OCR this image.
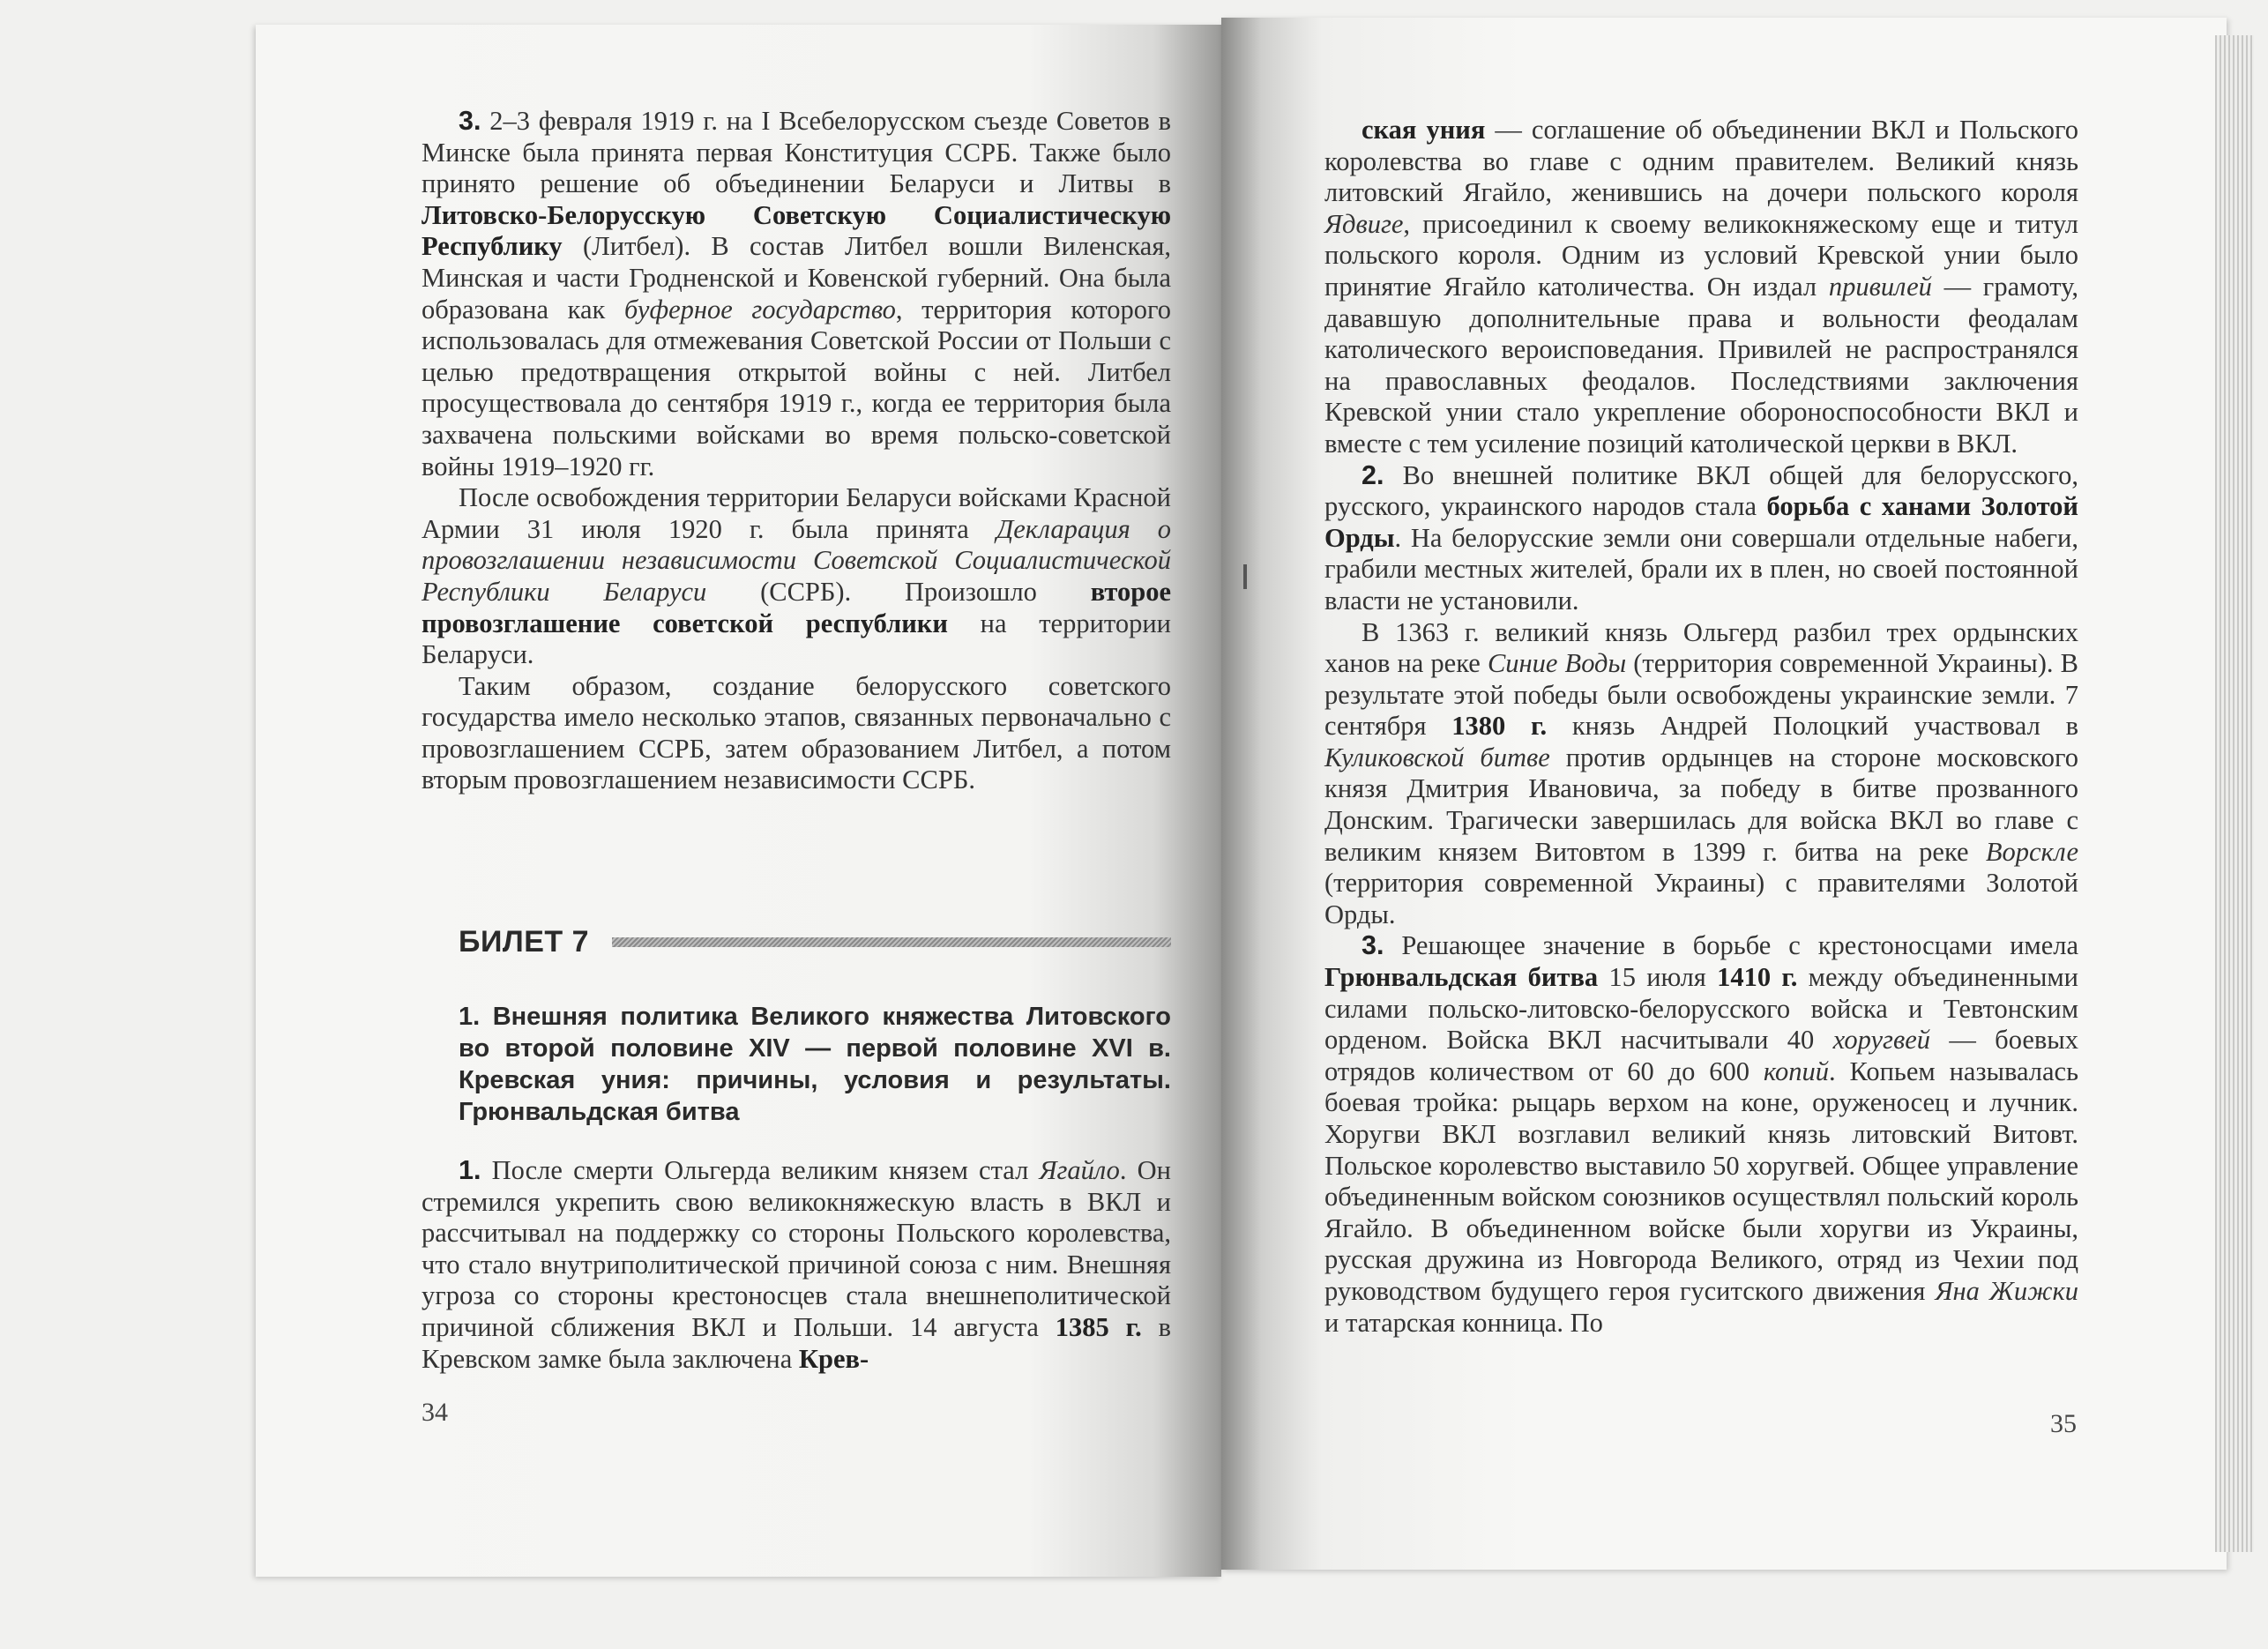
3. 2–3 февраля 1919 г. на I Всебелорусском съезде Советов в Минске была принята первая Конституция ССРБ. Также было принято решение об объединении Беларуси и Литвы в Литовско-Белорусскую Советскую Социалистическую Республику (Литбел). В состав Литбел вошли Виленская, Минская и части Гродненской и Ковенской губерний. Она была образована как буферное государство, территория которого использовалась для отмежевания Советской России от Польши с целью предотвращения открытой войны с ней. Литбел просуществовала до сентября 1919 г., когда ее территория была захвачена польскими войсками во время польско-советской войны 1919–1920 гг.

После освобождения территории Беларуси войсками Красной Армии 31 июля 1920 г. была принята Декларация о провозглашении независимости Советской Социалистической Республики Беларуси (ССРБ). Произошло второе провозглашение советской республики на территории Беларуси.

Таким образом, создание белорусского советского государства имело несколько этапов, связанных первоначально с провозглашением ССРБ, затем образованием Литбел, а потом вторым провозглашением независимости ССРБ.

БИЛЕТ 7
1. Внешняя политика Великого княжества Литовского во второй половине XIV — первой половине XVI в. Кревская уния: причины, условия и результаты. Грюнвальдская битва

1. После смерти Ольгерда великим князем стал Ягайло. Он стремился укрепить свою великокняжескую власть в ВКЛ и рассчитывал на поддержку со стороны Польского королевства, что стало внутриполитической причиной союза с ним. Внешняя угроза со стороны крестоносцев стала внешнеполитической причиной сближения ВКЛ и Польши. 14 августа 1385 г. в Кревском замке была заключена Крев-

34

ская уния — соглашение об объединении ВКЛ и Польского королевства во главе с одним правителем. Великий князь литовский Ягайло, женившись на дочери польского короля Ядвиге, присоединил к своему великокняжескому еще и титул польского короля. Одним из условий Кревской унии было принятие Ягайло католичества. Он издал привилей — грамоту, дававшую дополнительные права и вольности феодалам католического вероисповедания. Привилей не распространялся на православных феодалов. Последствиями заключения Кревской унии стало укрепление обороноспособности ВКЛ и вместе с тем усиление позиций католической церкви в ВКЛ.

2. Во внешней политике ВКЛ общей для белорусского, русского, украинского народов стала борьба с ханами Золотой Орды. На белорусские земли они совершали отдельные набеги, грабили местных жителей, брали их в плен, но своей постоянной власти не установили.

В 1363 г. великий князь Ольгерд разбил трех ордынских ханов на реке Синие Воды (территория современной Украины). В результате этой победы были освобождены украинские земли. 7 сентября 1380 г. князь Андрей Полоцкий участвовал в Куликовской битве против ордынцев на стороне московского князя Дмитрия Ивановича, за победу в битве прозванного Донским. Трагически завершилась для войска ВКЛ во главе с великим князем Витовтом в 1399 г. битва на реке Ворскле (территория современной Украины) с правителями Золотой Орды.

3. Решающее значение в борьбе с крестоносцами имела Грюнвальдская битва 15 июля 1410 г. между объединенными силами польско-литовско-белорусского войска и Тевтонским орденом. Войска ВКЛ насчитывали 40 хоругвей — боевых отрядов количеством от 60 до 600 копий. Копьем называлась боевая тройка: рыцарь верхом на коне, оруженосец и лучник. Хоругви ВКЛ возглавил великий князь литовский Витовт. Польское королевство выставило 50 хоругвей. Общее управление объединенным войском союзников осуществлял польский король Ягайло. В объединенном войске были хоругви из Украины, русская дружина из Новгорода Великого, отряд из Чехии под руководством будущего героя гуситского движения Яна Жижки и татарская конница. По

35
